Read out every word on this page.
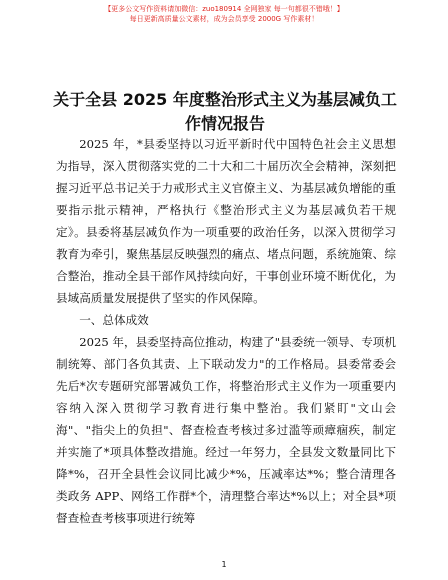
【更多公文写作资料请加微信：zuo180914 全网独家 每一句都很不错哦！】
每日更新高质量公文素材，成为会员享受 2000G 写作素材！
关于全县 2025 年度整治形式主义为基层减负工
作情况报告

2025 年，*县委坚持以习近平新时代中国特色社会主义思想为指导，深入贯彻落实党的二十大和二十届历次全会精神，深刻把握习近平总书记关于力戒形式主义官僚主义、为基层减负增能的重要指示批示精神，严格执行《整治形式主义为基层减负若干规定》。县委将基层减负作为一项重要的政治任务，以深入贯彻学习教育为牵引，聚焦基层反映强烈的痛点、堵点问题，系统施策、综合整治，推动全县干部作风持续向好，干事创业环境不断优化，为县域高质量发展提供了坚实的作风保障。

一、总体成效

2025 年，县委坚持高位推动，构建了"县委统一领导、专项机制统筹、部门各负其责、上下联动发力"的工作格局。县委常委会先后*次专题研究部署减负工作，将整治形式主义作为一项重要内容纳入深入贯彻学习教育进行集中整治。我们紧盯"文山会海"、"指尖上的负担"、督查检查考核过多过滥等顽瘴痼疾，制定并实施了*项具体整改措施。经过一年努力，全县发文数量同比下降*%，召开全县性会议同比减少*%，压减率达*%；整合清理各类政务 APP、网络工作群*个，清理整合率达*%以上；对全县*项督查检查考核事项进行统筹

1
